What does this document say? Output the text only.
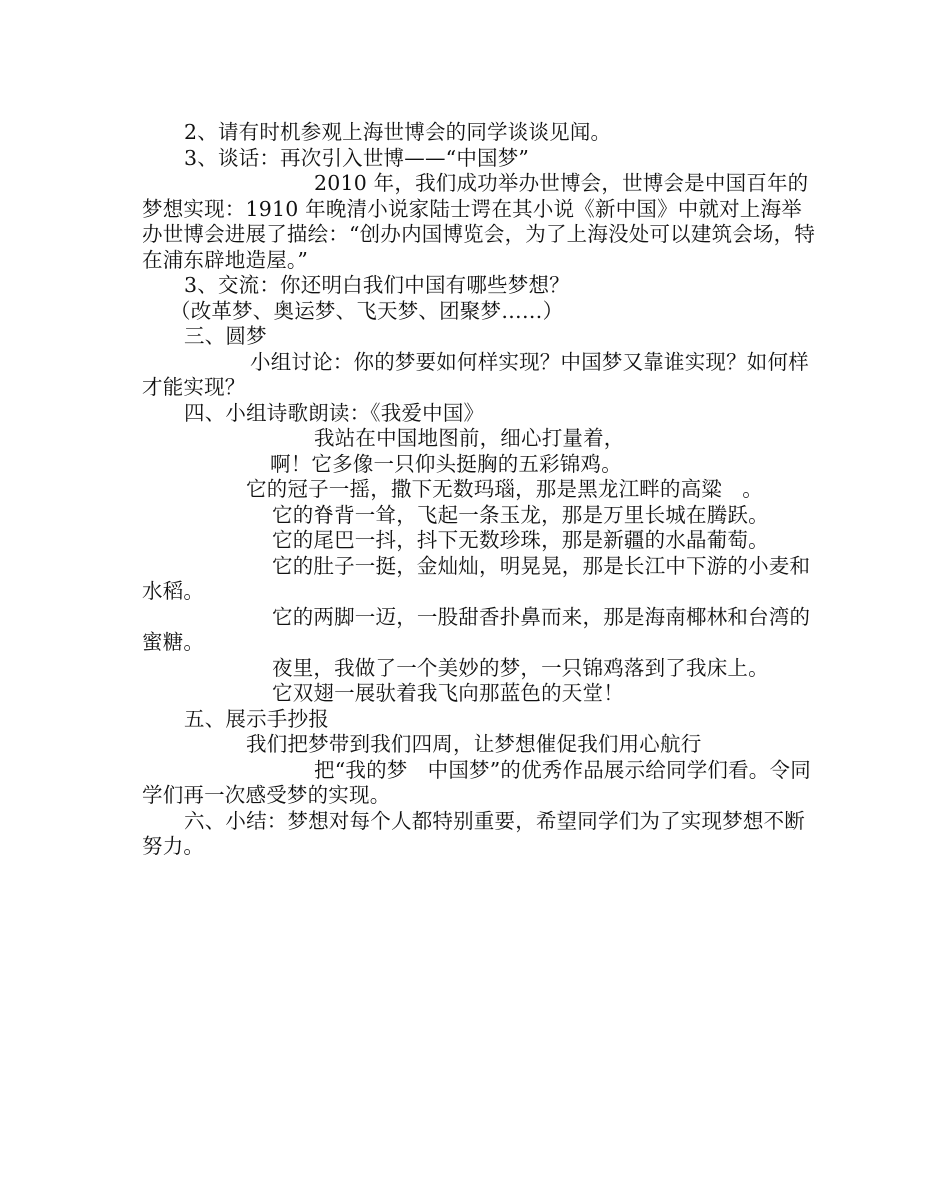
2、请有时机参观上海世博会的同学谈谈见闻。

3、谈话：再次引入世博——“中国梦”

2010 年，我们成功举办世博会，世博会是中国百年的梦想实现：1910 年晚清小说家陆士谔在其小说《新中国》中就对上海举办世博会进展了描绘：“创办内国博览会，为了上海没处可以建筑会场，特在浦东辟地造屋。”

3、交流：你还明白我们中国有哪些梦想？

（改革梦、奥运梦、飞天梦、团聚梦……）

三、圆梦

小组讨论：你的梦要如何样实现？中国梦又靠谁实现？如何样才能实现？

四、小组诗歌朗读：《我爱中国》

我站在中国地图前，细心打量着，

啊！它多像一只仰头挺胸的五彩锦鸡。

它的冠子一摇，撒下无数玛瑙，那是黑龙江畔的高粱   。

它的脊背一耸，飞起一条玉龙，那是万里长城在腾跃。

它的尾巴一抖，抖下无数珍珠，那是新疆的水晶葡萄。

它的肚子一挺，金灿灿，明晃晃，那是长江中下游的小麦和水稻。

它的两脚一迈，一股甜香扑鼻而来，那是海南椰林和台湾的蜜糖。

夜里，我做了一个美妙的梦，一只锦鸡落到了我床上。

它双翅一展驮着我飞向那蓝色的天堂！

五、展示手抄报

我们把梦带到我们四周，让梦想催促我们用心航行

把“我的梦   中国梦”的优秀作品展示给同学们看。令同学们再一次感受梦的实现。

六、小结：梦想对每个人都特别重要，希望同学们为了实现梦想不断努力。
